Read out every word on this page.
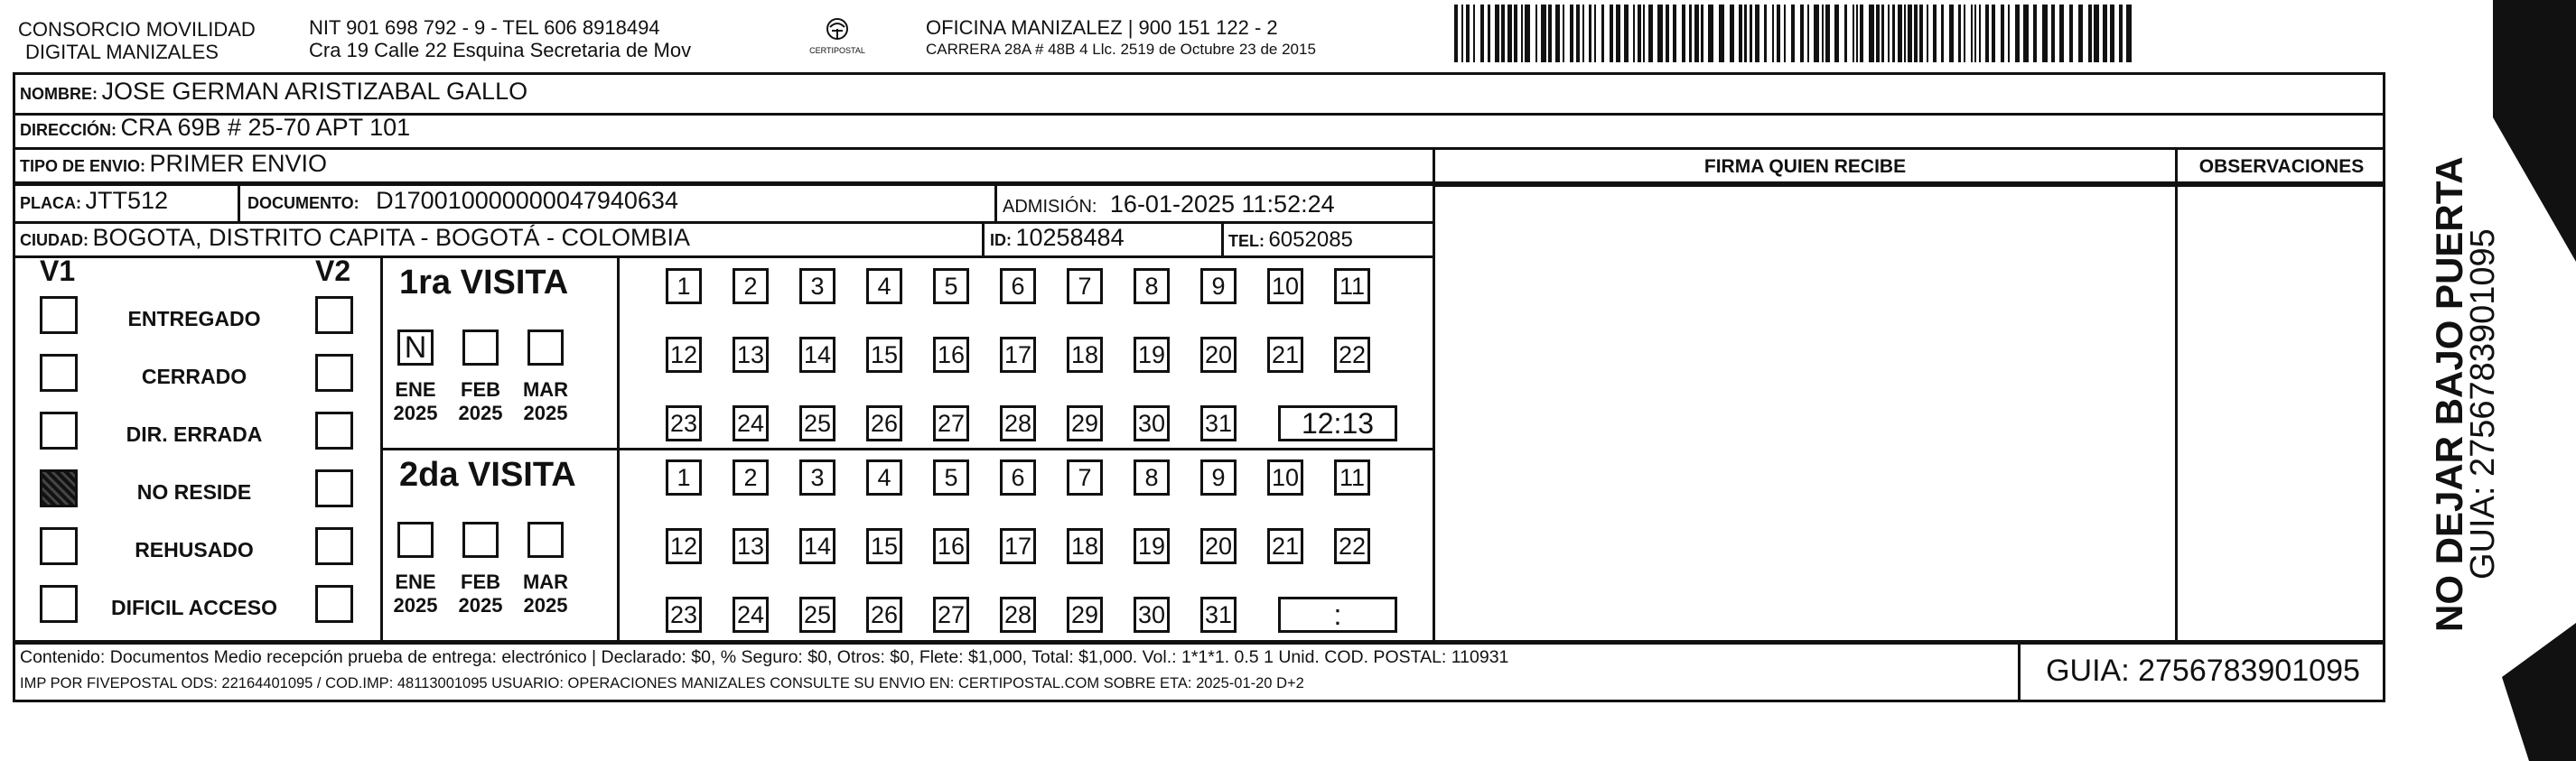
CONSORCIO MOVILIDAD
DIGITAL MANIZALES
NIT 901 698 792 - 9 - TEL 606 8918494
Cra 19 Calle 22 Esquina Secretaria de Mov	CERTIPOSTAL
OFICINA MANIZALEZ | 900 151 122 - 2
CARRERA 28A # 48B 4 Llc. 2519 de Octubre 23 de 2015
NOMBRE: JOSE GERMAN ARISTIZABAL GALLO
DIRECCIÓN: CRA 69B # 25-70 APT 101
TIPO DE ENVIO: PRIMER ENVIO
PLACA: JTT512	DOCUMENTO: D170010000000047940634	ADMISIÓN: 16-01-2025 11:52:24
CIUDAD: BOGOTA, DISTRITO CAPITA - BOGOTÁ - COLOMBIA	ID: 10258484	TEL: 6052085
FIRMA QUIEN RECIBE	OBSERVACIONES
V1	V2
ENTREGADO
CERRADO
DIR. ERRADA
NO RESIDE
REHUSADO
DIFICIL ACCESO
1ra VISITA
2da VISITA
N
ENE
2025
FEB
2025
MAR
2025
ENE
2025
FEB
2025
MAR
2025
1	2	3	4	5	6	7	8	9	10 11
12 13 14 15 16 17 18 19 20 21 22
23 24 25 26 27 28 29 30 31	12:13
1	2	3	4	5	6	7	8	9	10 11
12 13 14 15 16 17 18 19 20 21 22
23 24 25 26 27 28 29 30 31	:
Contenido: Documentos Medio recepción prueba de entrega: electrónico | Declarado: $0, % Seguro: $0, Otros: $0, Flete: $1,000, Total: $1,000. Vol.: 1*1*1. 0.5 1 Unid. COD. POSTAL: 110931
IMP POR FIVEPOSTAL ODS: 22164401095 / COD.IMP: 48113001095 USUARIO: OPERACIONES MANIZALES CONSULTE SU ENVIO EN: CERTIPOSTAL.COM SOBRE ETA: 2025-01-20 D+2	GUIA: 2756783901095
NO DEJAR BAJO PUERTA
GUIA: 2756783901095
